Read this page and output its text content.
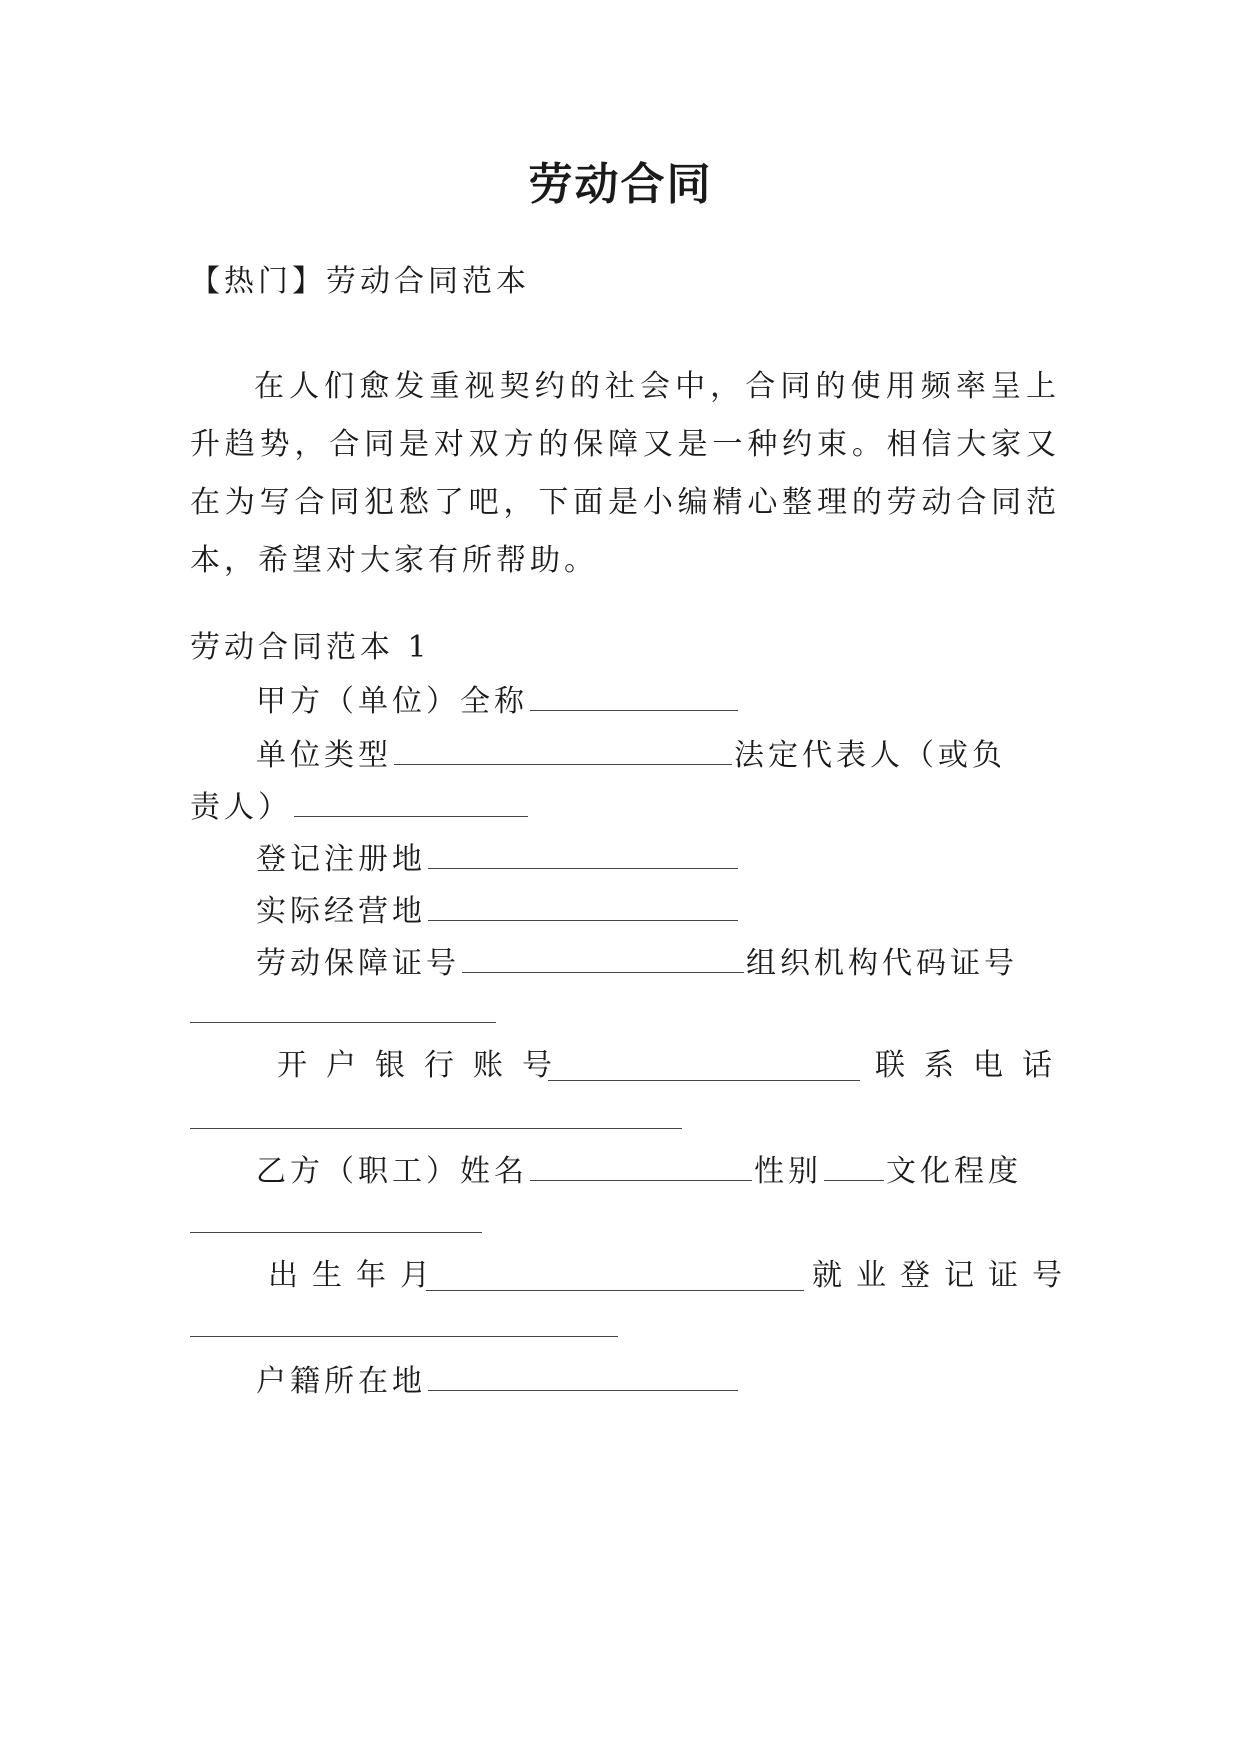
劳动合同
【热门】劳动合同范本
在人们愈发重视契约的社会中，合同的使用频率呈上升趋势，合同是对双方的保障又是一种约束。相信大家又在为写合同犯愁了吧，下面是小编精心整理的劳动合同范本，希望对大家有所帮助。
劳动合同范本 1
甲方（单位）全称
单位类型	法定代表人（或负
责人）
登记注册地
实际经营地
劳动保障证号	组织机构代码证号
开户银行账号	联系电话
乙方（职工）姓名	性别 文化程度
出生年月	就业登记证号
户籍所在地
